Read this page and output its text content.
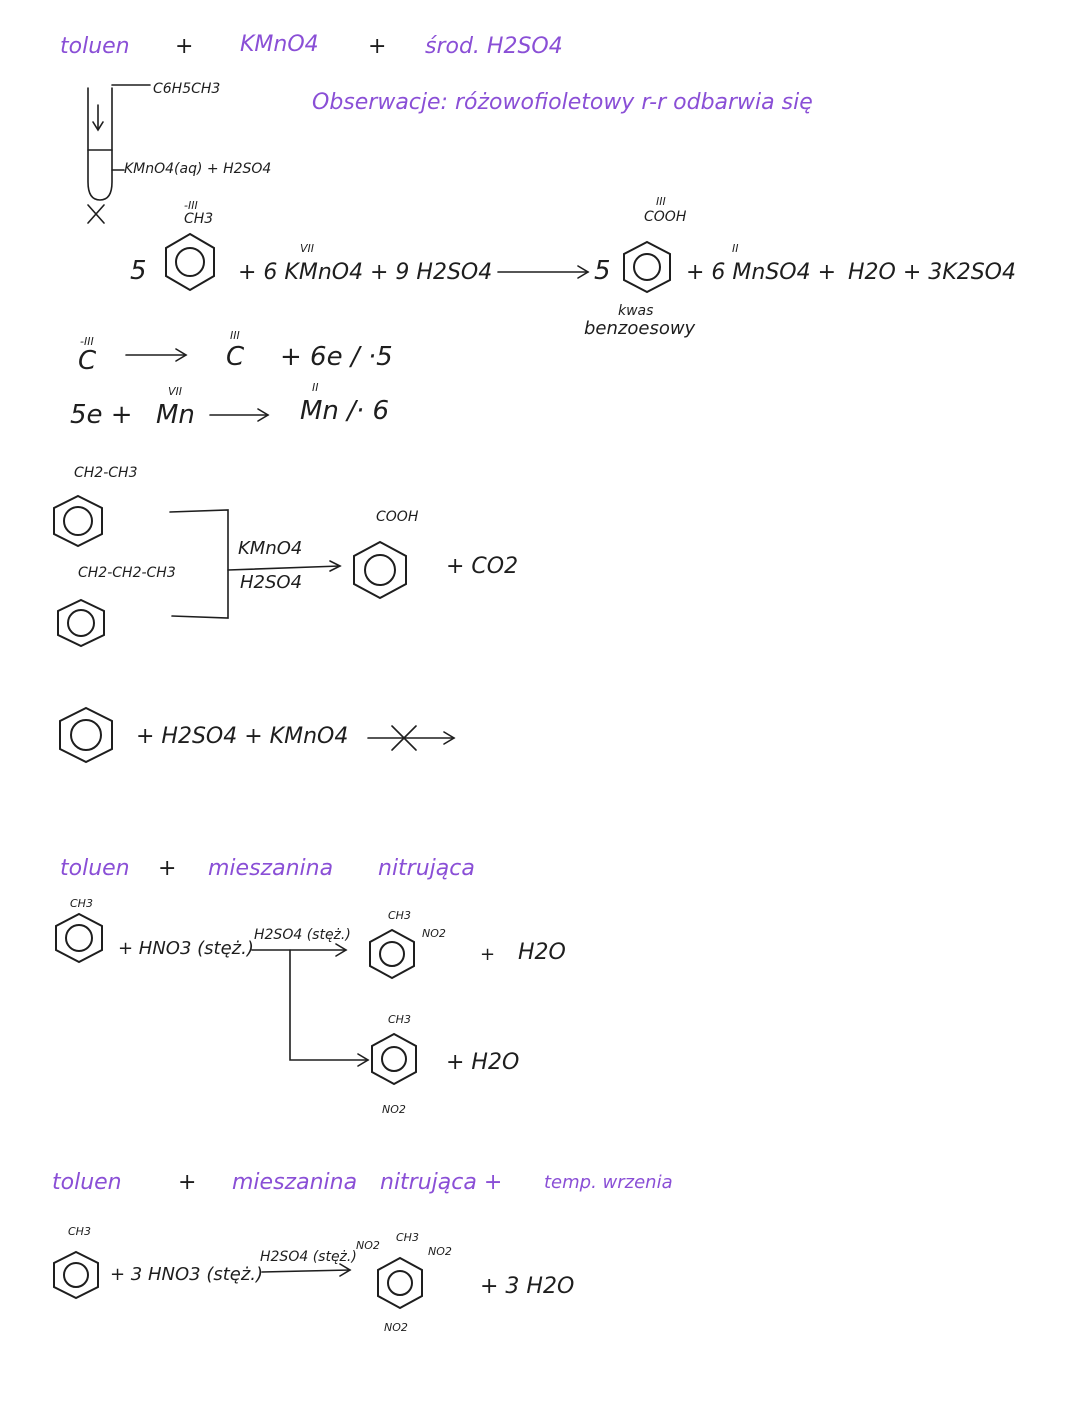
toluen + KMnO4 + środ. H2SO4
Obserwacje: różowofioletowy r-r odbarwia się
C6H5CH3
KMnO4(aq) + H2SO4
5
-III
CH3
VII
+ 6 KMnO4 + 9 H2SO4	5
III
COOH
kwas
benzoesowy
II
+ 6 MnSO4 + H2O + 3K2SO4
-III
C
III
C + 6e / ·5
5e +
VII
Mn
II
Mn /· 6
CH2-CH3
CH2-CH2-CH3
KMnO4
H2SO4
COOH
+ CO2
+ H2SO4 + KMnO4
toluen + mieszanina nitrująca
CH3
+ HNO3 (stęż.)
H2SO4 (stęż.)
CH3
NO2
+ H2O
CH3
NO2
+ H2O
toluen	+ mieszanina nitrująca + temp. wrzenia
CH3
+ 3 HNO3 (stęż.)
H2SO4 (stęż.)
NO2
CH3
NO2
NO2
+ 3 H2O
